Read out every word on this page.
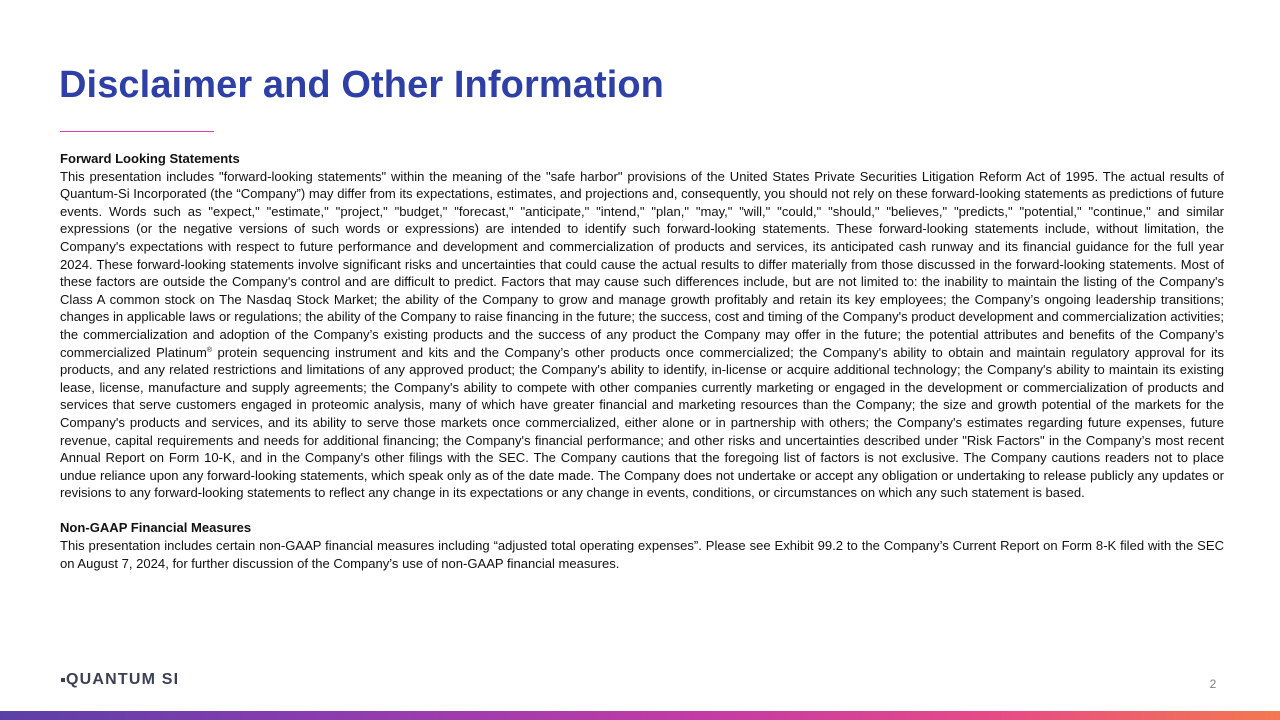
Disclaimer and Other Information
Forward Looking Statements

This presentation includes "forward-looking statements" within the meaning of the "safe harbor" provisions of the United States Private Securities Litigation Reform Act of 1995. The actual results of Quantum-Si Incorporated (the “Company”) may differ from its expectations, estimates, and projections and, consequently, you should not rely on these forward-looking statements as predictions of future events. Words such as "expect," "estimate," "project," "budget," "forecast," "anticipate," "intend," "plan," "may," "will," "could," "should," "believes," "predicts," "potential," "continue," and similar expressions (or the negative versions of such words or expressions) are intended to identify such forward-looking statements. These forward-looking statements include, without limitation, the Company's expectations with respect to future performance and development and commercialization of products and services, its anticipated cash runway and its financial guidance for the full year 2024. These forward-looking statements involve significant risks and uncertainties that could cause the actual results to differ materially from those discussed in the forward-looking statements. Most of these factors are outside the Company's control and are difficult to predict. Factors that may cause such differences include, but are not limited to: the inability to maintain the listing of the Company's Class A common stock on The Nasdaq Stock Market; the ability of the Company to grow and manage growth profitably and retain its key employees; the Company’s ongoing leadership transitions; changes in applicable laws or regulations; the ability of the Company to raise financing in the future; the success, cost and timing of the Company's product development and commercialization activities; the commercialization and adoption of the Company’s existing products and the success of any product the Company may offer in the future; the potential attributes and benefits of the Company’s commercialized Platinum® protein sequencing instrument and kits and the Company’s other products once commercialized; the Company's ability to obtain and maintain regulatory approval for its products, and any related restrictions and limitations of any approved product; the Company's ability to identify, in-license or acquire additional technology; the Company's ability to maintain its existing lease, license, manufacture and supply agreements; the Company's ability to compete with other companies currently marketing or engaged in the development or commercialization of products and services that serve customers engaged in proteomic analysis, many of which have greater financial and marketing resources than the Company; the size and growth potential of the markets for the Company's products and services, and its ability to serve those markets once commercialized, either alone or in partnership with others; the Company's estimates regarding future expenses, future revenue, capital requirements and needs for additional financing; the Company's financial performance; and other risks and uncertainties described under "Risk Factors" in the Company’s most recent Annual Report on Form 10-K, and in the Company's other filings with the SEC. The Company cautions that the foregoing list of factors is not exclusive. The Company cautions readers not to place undue reliance upon any forward-looking statements, which speak only as of the date made. The Company does not undertake or accept any obligation or undertaking to release publicly any updates or revisions to any forward-looking statements to reflect any change in its expectations or any change in events, conditions, or circumstances on which any such statement is based.

Non-GAAP Financial Measures

This presentation includes certain non-GAAP financial measures including “adjusted total operating expenses”. Please see Exhibit 99.2 to the Company’s Current Report on Form 8-K filed with the SEC on August 7, 2024, for further discussion of the Company’s use of non-GAAP financial measures.

QUANTUM SI	2
